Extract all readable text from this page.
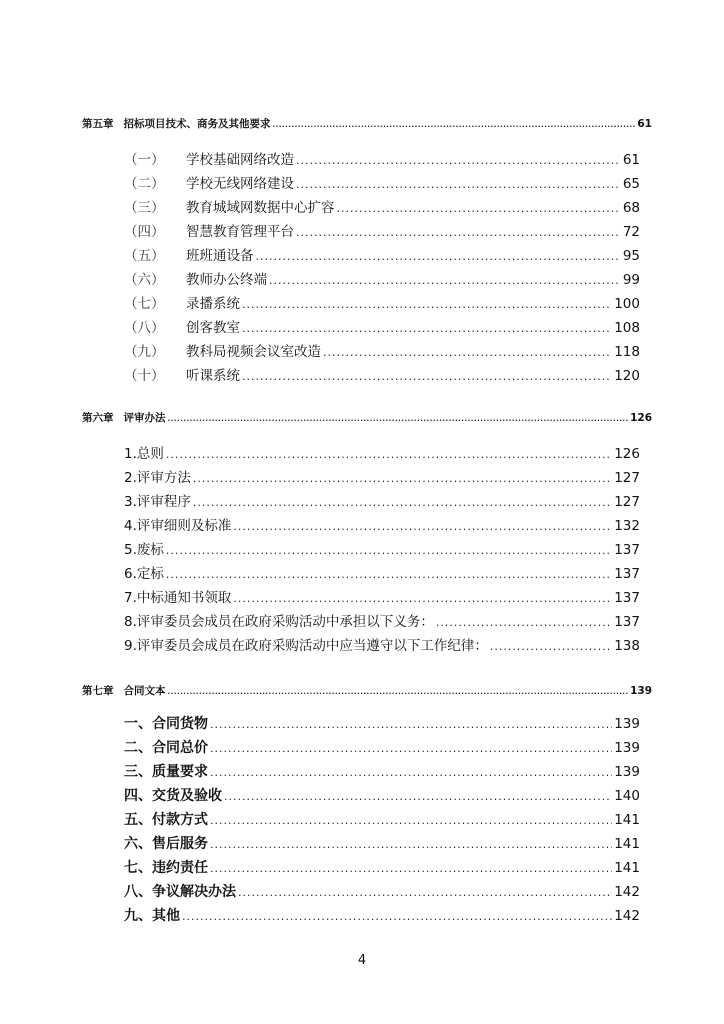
第五章 招标项目技术、商务及其他要求 .....	61
（一） 学校基础网络改造 .....	61
（二） 学校无线网络建设 .....	65
（三） 教育城域网数据中心扩容 .....	68
（四） 智慧教育管理平台 .....	72
（五） 班班通设备 .....	95
（六） 教师办公终端 .....	99
（七） 录播系统 .....	100
（八） 创客教室 .....	108
（九） 教科局视频会议室改造 .....	118
（十） 听课系统 .....	120
第六章 评审办法 .....	126
1.总则 .....	126
2.评审方法 .....	127
3.评审程序 .....	127
4.评审细则及标准 .....	132
5.废标 .....	137
6.定标 .....	137
7.中标通知书领取 .....	137
8.评审委员会成员在政府采购活动中承担以下义务： .....	137
9.评审委员会成员在政府采购活动中应当遵守以下工作纪律： .....	138
第七章 合同文本 .....	139
一、合同货物 .....	139
二、合同总价 .....	139
三、质量要求 .....	139
四、交货及验收 .....	140
五、付款方式 .....	141
六、售后服务 .....	141
七、违约责任 .....	141
八、争议解决办法 .....	142
九、其他 .....	142
4
